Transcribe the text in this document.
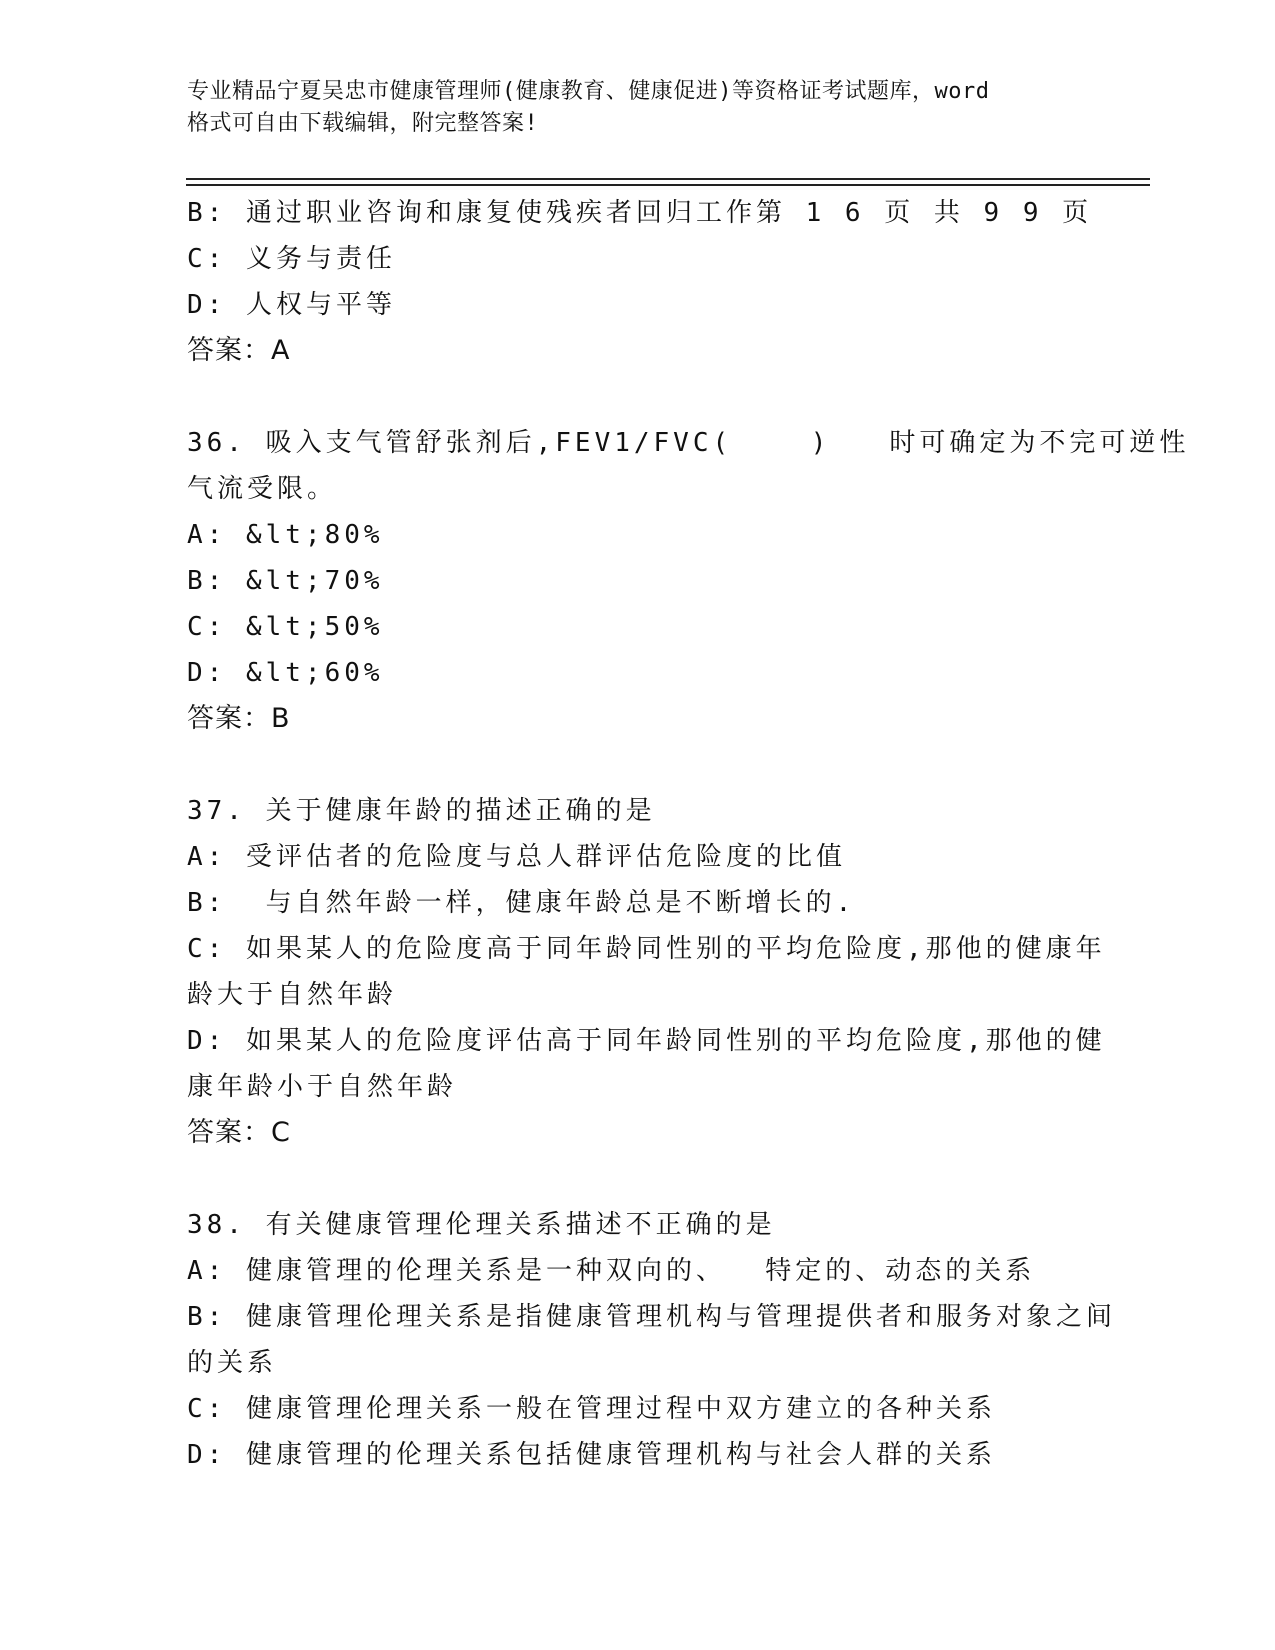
专业精品宁夏吴忠市健康管理师(健康教育、健康促进)等资格证考试题库，word
格式可自由下载编辑，附完整答案!
B: 通过职业咨询和康复使残疾者回归工作第 1 6 页 共 9 9 页
C: 义务与责任
D: 人权与平等
答案：A
36. 吸入支气管舒张剂后,FEV1/FVC(    )   时可确定为不完可逆性
气流受限。
A: &lt;80%
B: &lt;70%
C: &lt;50%
D: &lt;60%
答案：B
37. 关于健康年龄的描述正确的是
A: 受评估者的危险度与总人群评估危险度的比值
B:  与自然年龄一样，健康年龄总是不断增长的.
C: 如果某人的危险度高于同年龄同性别的平均危险度,那他的健康年
龄大于自然年龄
D: 如果某人的危险度评估高于同年龄同性别的平均危险度,那他的健
康年龄小于自然年龄
答案：C
38. 有关健康管理伦理关系描述不正确的是
A: 健康管理的伦理关系是一种双向的、  特定的、动态的关系
B: 健康管理伦理关系是指健康管理机构与管理提供者和服务对象之间
的关系
C: 健康管理伦理关系一般在管理过程中双方建立的各种关系
D: 健康管理的伦理关系包括健康管理机构与社会人群的关系
